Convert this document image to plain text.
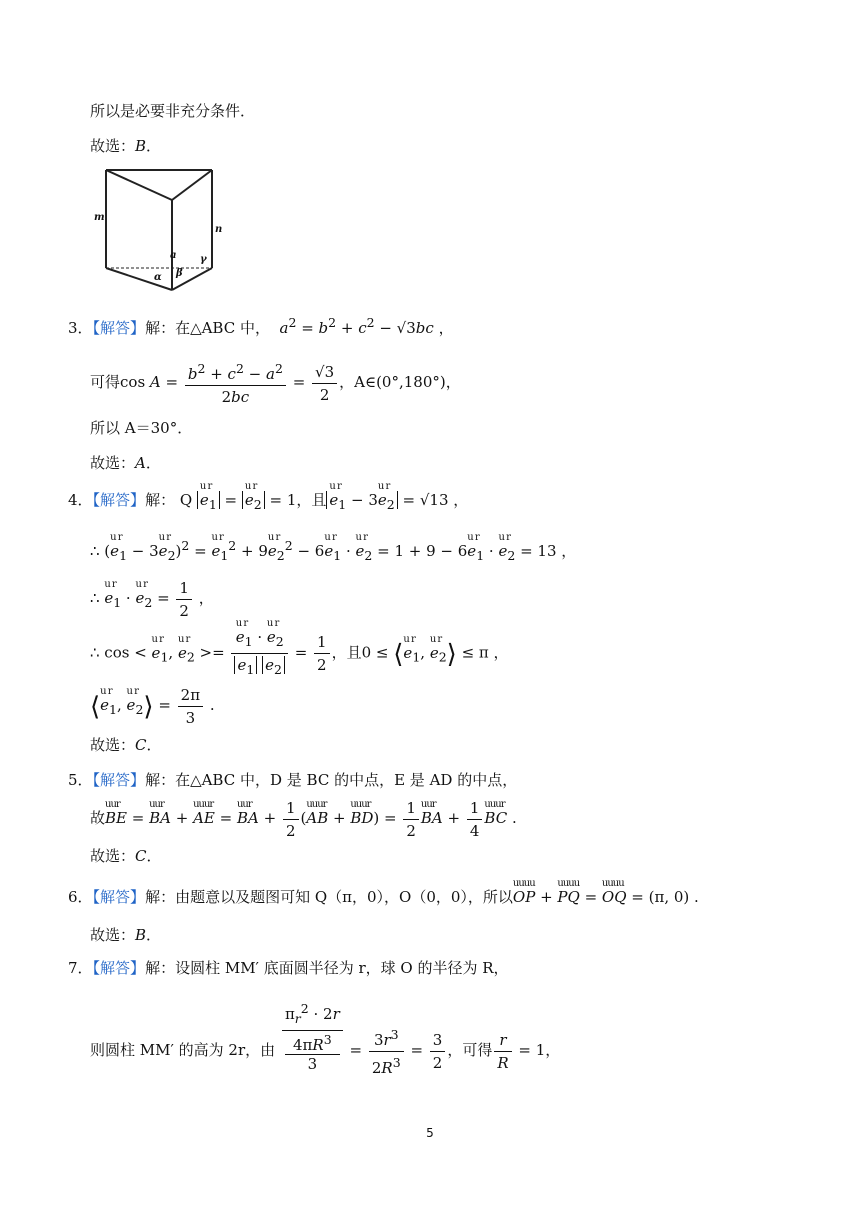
所以是必要非充分条件．
故选：B．
m
n
a
α β
γ
3．【解答】解：在△ABC 中， $a^2 = b^2 + c^2 - √3bc$ ，
可得$\cos A = \frac{b^2 + c^2 - a^2}{2bc} = \frac{√3}{2}$ ，A∈(0°,180°)，
所以 A＝30°．
故选：A．
4．【解答】解： Q u r $e_1 = u$ r $e_2 = 1$，且u r $e_1 - 3u$ r $e_2 = √13$ ，
∴ (u r $e_1 - 3u$ r $e_2)^2 = u$ r $e_1^2 + 9u$ r $e_2^2 - 6u$ r $e_1 \cdot u$ r $e_2 = 1 + 9 - 6u$ r $e_1 \cdot u$ r $e_2 = 13$ ，
∴ u r $e_1 \cdot u$ r $e_2 = \frac{1}{2}$ ，
∴ cos < u r $e_1$, u r $e_2$ >=
u r $\frac{e_1 \cdot u r e_2}{e_1 e_2} = \frac{1}{2}$ ，且0 ≤ ⟨u r $e_1$, u r $e_2⟩ \le \pi$ ，
⟨u r $e_1$, u r $e_2⟩ = \frac{2\pi}{3}$ .
故选：C．
5．【解答】解：在△ABC 中，D 是 BC 的中点，E 是 AD 的中点，
故uur BE = uur BA + uuur AE = uur BA + $\frac{1}{2}$ (uuur AB + uuur $BD) = \frac{1}{2}$
uur BA + $\frac{1}{4}$
uuur BC .
故选：C．
6．【解答】解：由题意以及题图可知 Q（π，0），O（0，0），所以uuuu OP + uuuu PQ = uuuu OQ = (π, 0) .
故选：B．
7．【解答】解：设圆柱 MM′ 底面圆半径为 r，球 O 的半径为 R，
则圆柱 MM′ 的高为 2r，由 $\pi_r^2 \cdot 2r$
$4\pi R^3$
$3 = \frac{3r^3}{2R^3} = \frac{3}{2}$ ，可得 $\frac{r}{R} = 1$，
5
